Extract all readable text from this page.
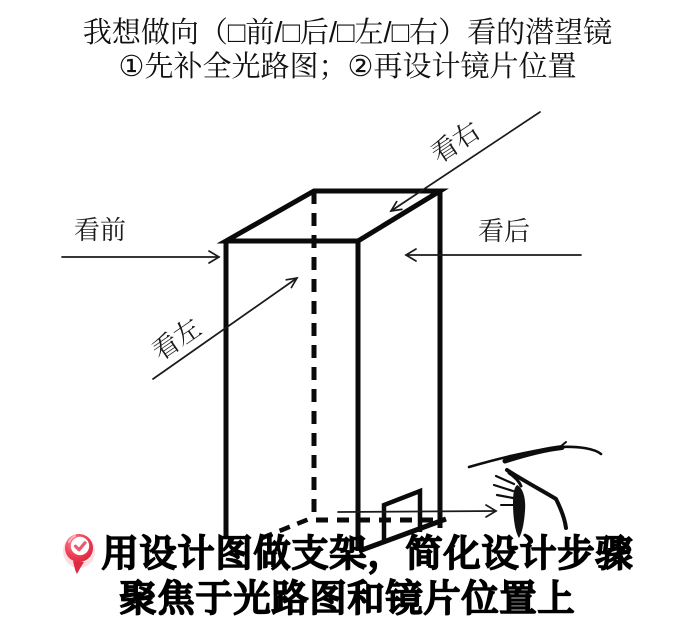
看前	看后
看左
看右

我想做向（□前/□后/□左/□右）看的潜望镜

①先补全光路图；②再设计镜片位置

用设计图做支架，简化设计步骤
聚焦于光路图和镜片位置上
